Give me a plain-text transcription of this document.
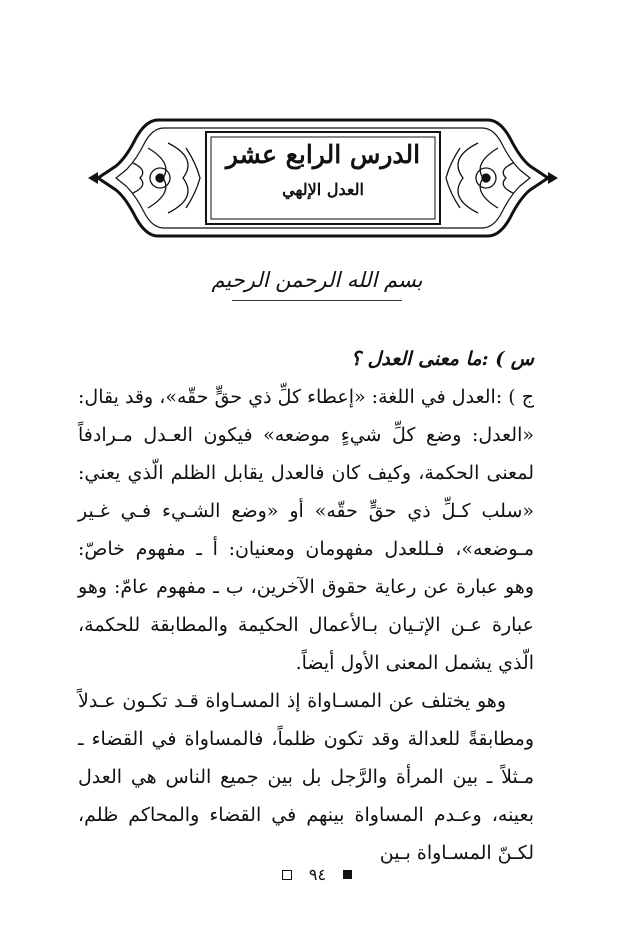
الدرس الرابع عشر
العدل الإلهي
بسم الله الرحمن الرحيم

س ) :ما معنى العدل ؟

ج ) :العدل في اللغة: «إعطاء كلِّ ذي حقٍّ حقّه»، وقد يقال: «العدل: وضع كلِّ شيءٍ موضعه» فيكون العـدل مـرادفاً لمعنى الحكمة، وكيف كان فالعدل يقابل الظلم الّذي يعني: «سلب كـلِّ ذي حقٍّ حقّه» أو «وضع الشـيء فـي غـير مـوضعه»، فـللعدل مفهومان ومعنيان: أ ـ مفهوم خاصّ: وهو عبارة عن رعاية حقوق الآخرين، ب ـ مفهوم عامّ: وهو عبارة عـن الإتـيان بـالأعمال الحكيمة والمطابقة للحكمة، الّذي يشمل المعنى الأول أيضاً.

وهو يختلف عن المسـاواة إذ المسـاواة قـد تكـون عـدلاً ومطابقةً للعدالة وقد تكون ظلماً، فالمساواة في القضاء ـ مـثلاً ـ بين المرأة والرَّجل بل بين جميع الناس هي العدل بعينه، وعـدم المساواة بينهم في القضاء والمحاكم ظلم، لكـنّ المسـاواة بـين

٩٤
